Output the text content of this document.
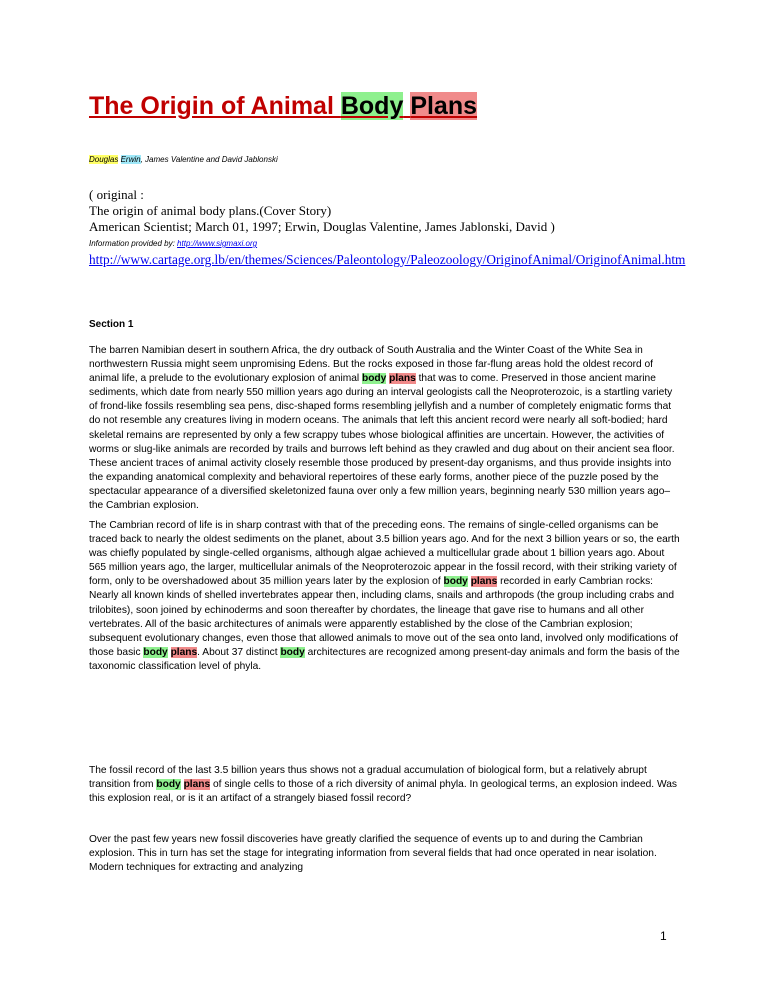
The Origin of Animal Body Plans
Douglas Erwin, James Valentine and David Jablonski
( original :
The origin of animal body plans.(Cover Story)
American Scientist; March 01, 1997; Erwin, Douglas Valentine, James Jablonski, David )
Information provided by: http://www.sigmaxi.org
http://www.cartage.org.lb/en/themes/Sciences/Paleontology/Paleozoology/OriginofAnimal/OriginofAnimal.htm
Section 1
The barren Namibian desert in southern Africa, the dry outback of South Australia and the Winter Coast of the White Sea in northwestern Russia might seem unpromising Edens. But the rocks exposed in those far-flung areas hold the oldest record of animal life, a prelude to the evolutionary explosion of animal body plans that was to come. Preserved in those ancient marine sediments, which date from nearly 550 million years ago during an interval geologists call the Neoproterozoic, is a startling variety of frond-like fossils resembling sea pens, disc-shaped forms resembling jellyfish and a number of completely enigmatic forms that do not resemble any creatures living in modern oceans. The animals that left this ancient record were nearly all soft-bodied; hard skeletal remains are represented by only a few scrappy tubes whose biological affinities are uncertain. However, the activities of worms or slug-like animals are recorded by trails and burrows left behind as they crawled and dug about on their ancient sea floor. These ancient traces of animal activity closely resemble those produced by present-day organisms, and thus provide insights into the expanding anatomical complexity and behavioral repertoires of these early forms, another piece of the puzzle posed by the spectacular appearance of a diversified skeletonized fauna over only a few million years, beginning nearly 530 million years ago–the Cambrian explosion.
The Cambrian record of life is in sharp contrast with that of the preceding eons. The remains of single-celled organisms can be traced back to nearly the oldest sediments on the planet, about 3.5 billion years ago. And for the next 3 billion years or so, the earth was chiefly populated by single-celled organisms, although algae achieved a multicellular grade about 1 billion years ago. About 565 million years ago, the larger, multicellular animals of the Neoproterozoic appear in the fossil record, with their striking variety of form, only to be overshadowed about 35 million years later by the explosion of body plans recorded in early Cambrian rocks: Nearly all known kinds of shelled invertebrates appear then, including clams, snails and arthropods (the group including crabs and trilobites), soon joined by echinoderms and soon thereafter by chordates, the lineage that gave rise to humans and all other vertebrates. All of the basic architectures of animals were apparently established by the close of the Cambrian explosion; subsequent evolutionary changes, even those that allowed animals to move out of the sea onto land, involved only modifications of those basic body plans. About 37 distinct body architectures are recognized among present-day animals and form the basis of the taxonomic classification level of phyla.
The fossil record of the last 3.5 billion years thus shows not a gradual accumulation of biological form, but a relatively abrupt transition from body plans of single cells to those of a rich diversity of animal phyla. In geological terms, an explosion indeed. Was this explosion real, or is it an artifact of a strangely biased fossil record?
Over the past few years new fossil discoveries have greatly clarified the sequence of events up to and during the Cambrian explosion. This in turn has set the stage for integrating information from several fields that had once operated in near isolation. Modern techniques for extracting and analyzing
1
